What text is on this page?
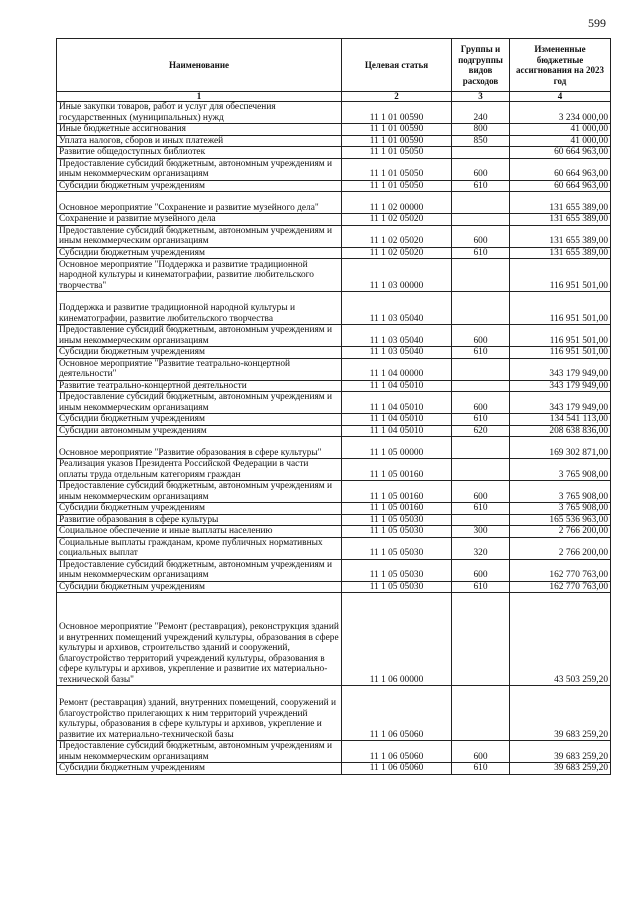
599
Наименование	Целевая статья	Группы и подгруппы видов расходов	Измененные бюджетные ассигнования на 2023 год
1	2	3	4
Иные закупки товаров, работ и услуг для обеспечения государственных (муниципальных) нужд	11 1 01 00590	240	3 234 000,00
Иные бюджетные ассигнования	11 1 01 00590	800	41 000,00
Уплата налогов, сборов и иных платежей	11 1 01 00590	850	41 000,00
Развитие общедоступных библиотек	11 1 01 05050		60 664 963,00
Предоставление субсидий бюджетным, автономным учреждениям и иным некоммерческим организациям	11 1 01 05050	600	60 664 963,00
Субсидии бюджетным учреждениям	11 1 01 05050	610	60 664 963,00
Основное мероприятие "Сохранение и развитие музейного дела"	11 1 02 00000		131 655 389,00
Сохранение и развитие музейного дела	11 1 02 05020		131 655 389,00
Предоставление субсидий бюджетным, автономным учреждениям и иным некоммерческим организациям	11 1 02 05020	600	131 655 389,00
Субсидии бюджетным учреждениям	11 1 02 05020	610	131 655 389,00
Основное мероприятие "Поддержка и развитие традиционной народной культуры и кинематографии, развитие любительского творчества"	11 1 03 00000		116 951 501,00
Поддержка и развитие традиционной народной культуры и кинематографии, развитие любительского творчества	11 1 03 05040		116 951 501,00
Предоставление субсидий бюджетным, автономным учреждениям и иным некоммерческим организациям	11 1 03 05040	600	116 951 501,00
Субсидии бюджетным учреждениям	11 1 03 05040	610	116 951 501,00
Основное мероприятие "Развитие театрально-концертной деятельности"	11 1 04 00000		343 179 949,00
Развитие театрально-концертной деятельности	11 1 04 05010		343 179 949,00
Предоставление субсидий бюджетным, автономным учреждениям и иным некоммерческим организациям	11 1 04 05010	600	343 179 949,00
Субсидии бюджетным учреждениям	11 1 04 05010	610	134 541 113,00
Субсидии автономным учреждениям	11 1 04 05010	620	208 638 836,00
Основное мероприятие "Развитие образования в сфере культуры"	11 1 05 00000		169 302 871,00
Реализация указов Президента Российской Федерации в части оплаты труда отдельным категориям граждан	11 1 05 00160		3 765 908,00
Предоставление субсидий бюджетным, автономным учреждениям и иным некоммерческим организациям	11 1 05 00160	600	3 765 908,00
Субсидии бюджетным учреждениям	11 1 05 00160	610	3 765 908,00
Развитие образования в сфере культуры	11 1 05 05030		165 536 963,00
Социальное обеспечение и иные выплаты населению	11 1 05 05030	300	2 766 200,00
Социальные выплаты гражданам, кроме публичных нормативных социальных выплат	11 1 05 05030	320	2 766 200,00
Предоставление субсидий бюджетным, автономным учреждениям и иным некоммерческим организациям	11 1 05 05030	600	162 770 763,00
Субсидии бюджетным учреждениям	11 1 05 05030	610	162 770 763,00
Основное мероприятие "Ремонт (реставрация), реконструкция зданий и внутренних помещений учреждений культуры, образования в сфере культуры и архивов, строительство зданий и сооружений, благоустройство территорий учреждений культуры, образования в сфере культуры и архивов, укрепление и развитие их материально-технической базы"	11 1 06 00000		43 503 259,20
Ремонт (реставрация) зданий, внутренних помещений, сооружений и благоустройство прилегающих к ним территорий учреждений культуры, образования в сфере культуры и архивов, укрепление и развитие их материально-технической базы	11 1 06 05060		39 683 259,20
Предоставление субсидий бюджетным, автономным учреждениям и иным некоммерческим организациям	11 1 06 05060	600	39 683 259,20
Субсидии бюджетным учреждениям	11 1 06 05060	610	39 683 259,20
